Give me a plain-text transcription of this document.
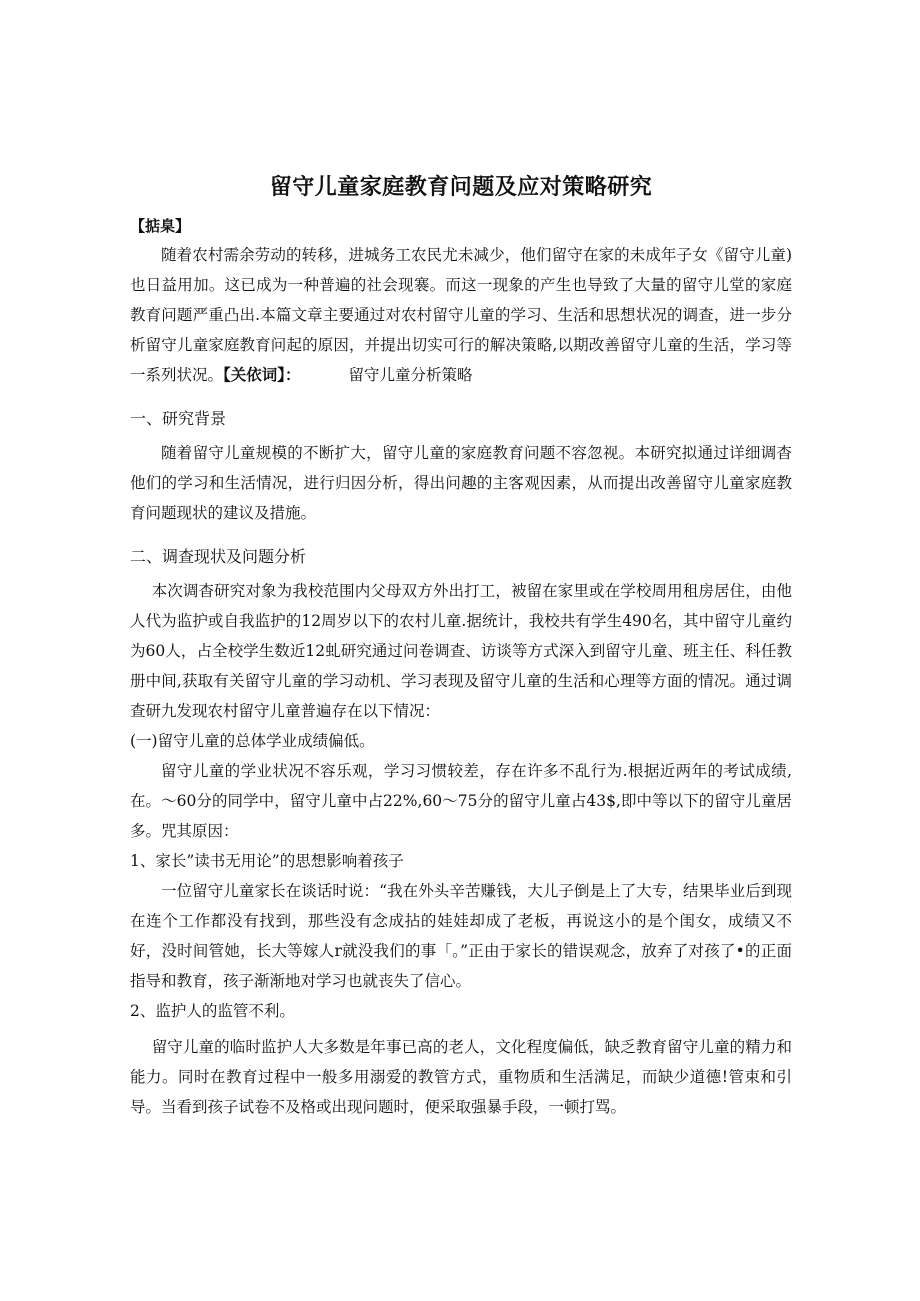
留守儿童家庭教育问题及应对策略研究
【掂臬】

随着农村需余劳动的转移，进城务工农民尤未减少，他们留守在家的未成年子女《留守儿童)也日益用加。这已成为一种普遍的社会现褰。而这一现象的产生也导致了大量的留守儿堂的家庭教育问题严重凸出.本篇文章主要通过对农村留守儿童的学习、生活和思想状况的调查，进一步分析留守儿童家庭教育问起的原因，并提出切实可行的解决策略,以期改善留守儿童的生活，学习等一系列状况。【关依词】：	留守儿童分析策略

一、研究背景

随着留守儿童规模的不断扩大，留守儿童的家庭教育问题不容忽视。本研究拟通过详细调杳他们的学习和生活情况，进行归因分析，得出问趣的主客观因素，从而提出改善留守儿童家庭教育问题现状的建议及措施。

二、调查现状及问题分析

本次调杳研究对象为我校范围内父母双方外出打工，被留在家里或在学校周用租房居住，由他人代为监护或自我监护的12周岁以下的农村儿童.据统计，我校共有学生490名，其中留守儿童约为60人，占全校学生数近12虬研究通过问卷调查、访谈等方式深入到留守儿童、班主任、科任教册中间,获取有关留守儿童的学习动机、学习表现及留守儿童的生活和心理等方面的情况。通过调查研九发现农村留守儿童普遍存在以下情况：

(一)留守儿童的总体学业成绩偏低。

留守儿童的学业状况不容乐观，学习习惯较差，存在许多不乱行为.根据近两年的考试成绩,在。～60分的同学中，留守儿童中占22%,60～75分的留守儿童占43$,即中等以下的留守儿童居多。咒其原因：

1、家长”读书无用论”的思想影响着孩子

一位留守儿童家长在谈话时说：“我在外头辛苦赚钱，大儿子倒是上了大专，结果毕业后到现在连个工作都没有找到，那些没有念成拈的娃娃却成了老板，再说这小的是个闺女，成绩又不好，没时间管她，长大等嫁人r就没我们的事「。”正由于家长的错误观念，放弃了对孩了•的正面指导和教育，孩子渐渐地对学习也就丧失了信心。

2、监护人的监管不利。

留守儿童的临时监护人大多数是年事已高的老人，文化程度偏低，缺乏教育留守儿童的精力和能力。同时在教育过程中一般多用溺爱的教管方式，重物质和生活满足，而缺少道德!管束和引导。当看到孩子试卷不及格或出现问题时，便采取强暴手段，一顿打骂。
